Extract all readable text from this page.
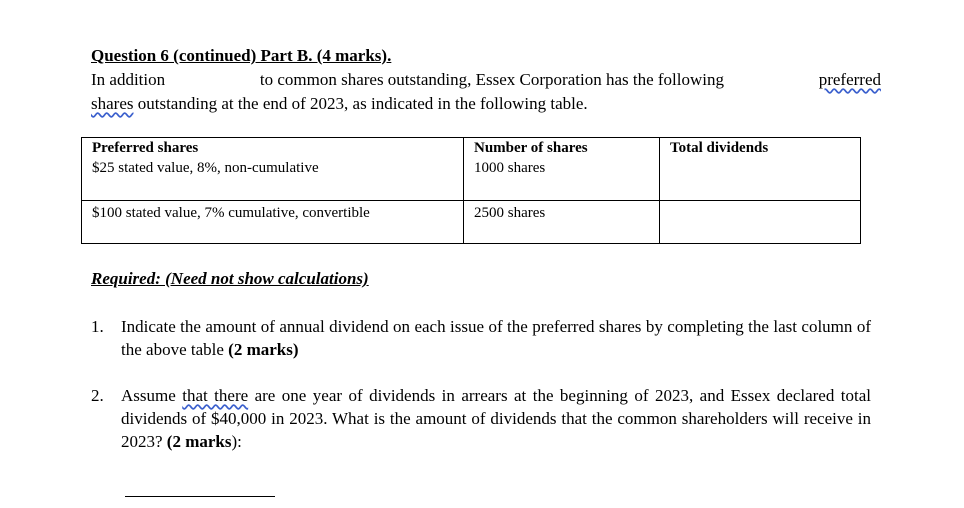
Question 6 (continued) Part B. (4 marks).
In addition	to common shares outstanding, Essex Corporation has the following	preferred
shares outstanding at the end of 2023, as indicated in the following table.
Preferred shares	Number of shares	Total dividends
$25 stated value, 8%, non-cumulative	1000 shares	
$100 stated value, 7% cumulative, convertible	2500 shares	
Required: (Need not show calculations)
1. Indicate the amount of annual dividend on each issue of the preferred shares by completing the last column of the above table (2 marks)
2. Assume that there are one year of dividends in arrears at the beginning of 2023, and Essex declared total dividends of $40,000 in 2023. What is the amount of dividends that the common shareholders will receive in 2023? (2 marks):
